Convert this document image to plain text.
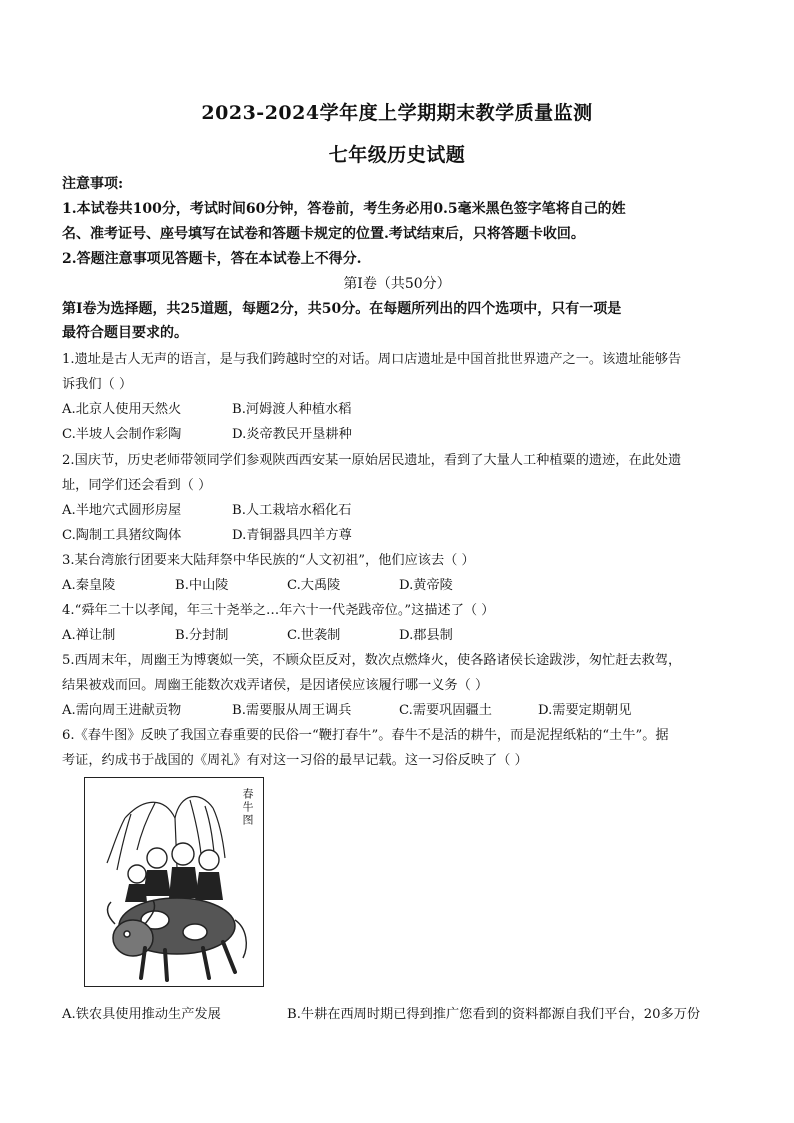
2023-2024学年度上学期期末教学质量监测
七年级历史试题
注意事项:
1.本试卷共100分，考试时间60分钟，答卷前，考生务必用0.5毫米黑色签字笔将自己的姓
名、准考证号、座号填写在试卷和答题卡规定的位置.考试结束后，只将答题卡收回。
2.答题注意事项见答题卡，答在本试卷上不得分.
第Ⅰ卷（共50分）
第Ⅰ卷为选择题，共25道题，每题2分，共50分。在每题所列出的四个选项中，只有一项是
最符合题目要求的。
1.遗址是古人无声的语言，是与我们跨越时空的对话。周口店遗址是中国首批世界遗产之一。该遗址能够告
诉我们（ ）
A.北京人使用天然火	B.河姆渡人种植水稻
C.半坡人会制作彩陶	D.炎帝教民开垦耕种
2.国庆节，历史老师带领同学们参观陕西西安某一原始居民遗址，看到了大量人工种植粟的遗迹，在此处遗
址，同学们还会看到（ ）
A.半地穴式圆形房屋	B.人工栽培水稻化石
C.陶制工具猪纹陶体	D.青铜器具四羊方尊
3.某台湾旅行团要来大陆拜祭中华民族的“人文初祖”，他们应该去（ ）
A.秦皇陵	B.中山陵	C.大禹陵	D.黄帝陵
4.“舜年二十以孝闻，年三十尧举之…年六十一代尧践帝位。”这描述了（ ）
A.禅让制	B.分封制	C.世袭制	D.郡县制
5.西周末年，周幽王为博褒姒一笑，不顾众臣反对，数次点燃烽火，使各路诸侯长途跋涉，匆忙赶去救驾，
结果被戏而回。周幽王能数次戏弄诸侯，是因诸侯应该履行哪一义务（ ）
A.需向周王进献贡物	B.需要服从周王调兵	C.需要巩固疆土	D.需要定期朝见
6.《春牛图》反映了我国立春重要的民俗一“鞭打春牛”。春牛不是活的耕牛，而是泥捏纸粘的“土牛”。据
考证，约成书于战国的《周礼》有对这一习俗的最早记载。这一习俗反映了（ ）
春牛图
A.铁农具使用推动生产发展	B.牛耕在西周时期已得到推广您看到的资料都源自我们平台，20多万份
